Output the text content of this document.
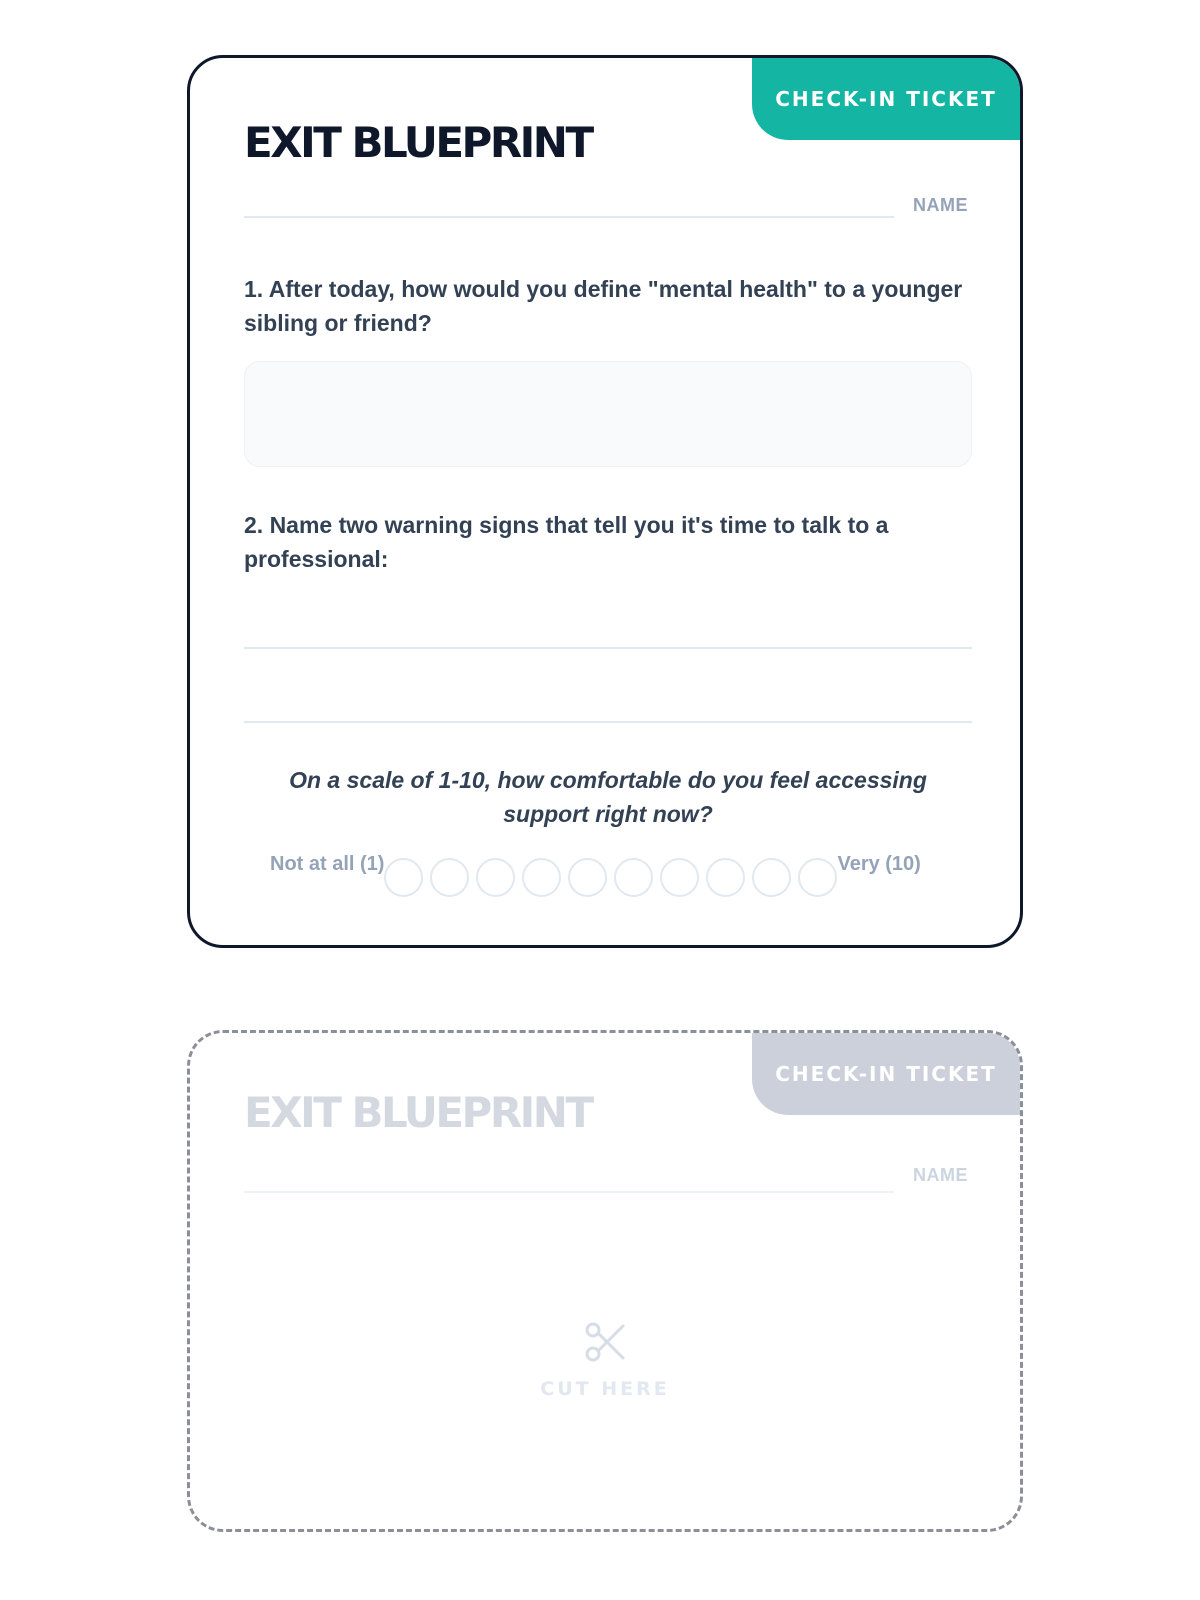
CHECK-IN TICKET
EXIT BLUEPRINT
NAME
1. After today, how would you define "mental health" to a younger sibling or friend?
2. Name two warning signs that tell you it's time to talk to a professional:
On a scale of 1-10, how comfortable do you feel accessing support right now?
Not at all (1)	Very (10)
CHECK-IN TICKET
EXIT BLUEPRINT
NAME
CUT HERE
